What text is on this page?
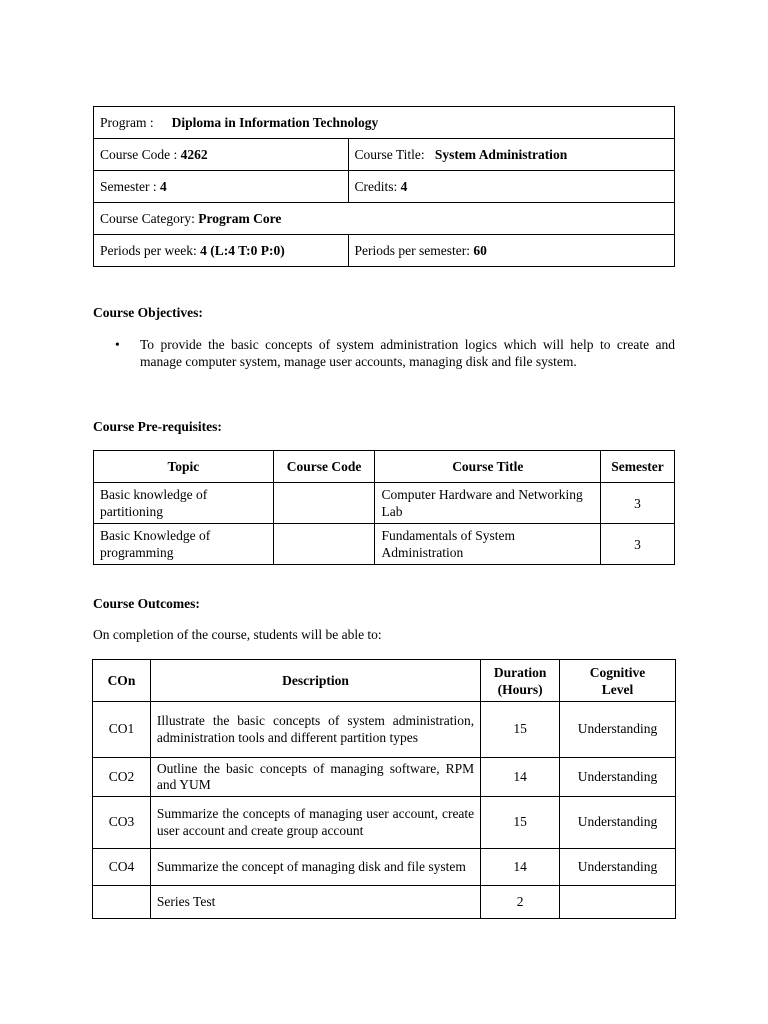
Program : Diploma in Information Technology	
Course Code : 4262	Course Title: System Administration
Semester : 4	Credits: 4
Course Category: Program Core	
Periods per week: 4 (L:4 T:0 P:0)	Periods per semester: 60
Course Objectives:
• To provide the basic concepts of system administration logics which will help to create and manage computer system, manage user accounts, managing disk and file system.
Course Pre-requisites:
Topic	Course Code	Course Title	Semester
Basic knowledge of partitioning		Computer Hardware and Networking Lab	3
Basic Knowledge of programming		Fundamentals of System Administration	3
Course Outcomes:
On completion of the course, students will be able to:
COn	Description	Duration (Hours)	Cognitive Level

CO1	Illustrate the basic concepts of system administration, administration tools and different partition types	15	Understanding
CO2	Outline the basic concepts of managing software, RPM and YUM	14	Understanding
CO3	Summarize the concepts of managing user account, create user account and create group account	15	Understanding
CO4	Summarize the concept of managing disk and file system	14	Understanding
	Series Test	2	
